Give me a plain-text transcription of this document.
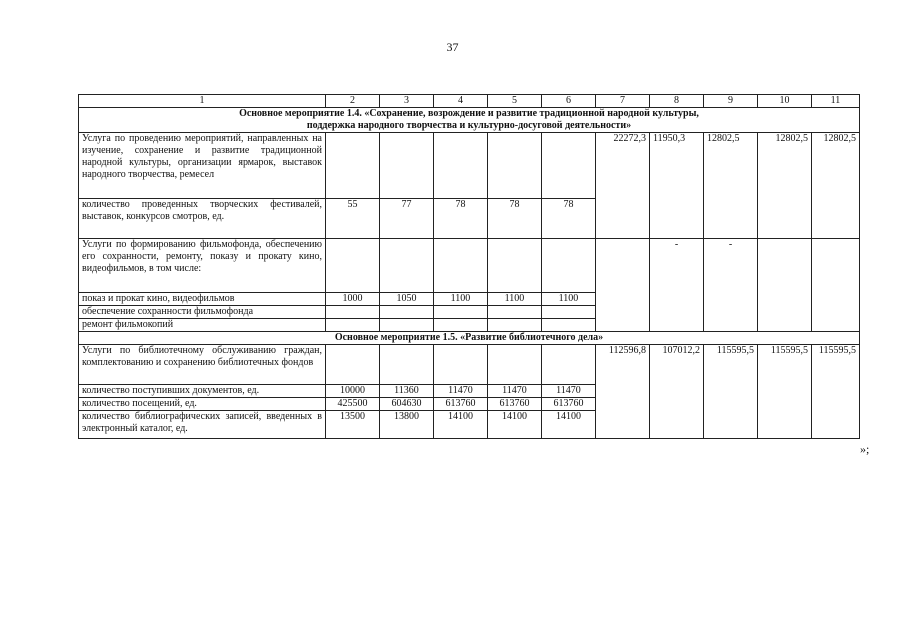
37
1	2	3	4	5	6	7	8	9	10	11

Основное мероприятие 1.4. «Сохранение, возрождение и развитие традиционной народной культуры,
поддержка народного творчества и культурно-досуговой деятельности»										

Услуга по проведению мероприятий, направленных на изучение, сохранение и развитие традиционной народной культуры, организации ярмарок, выставок народного творчества, ремесел						22272,3	11950,3	12802,5	12802,5	12802,5
количество проведенных творческих фестивалей, выставок, конкурсов смотров, ед.	55	77	78	78	78					
Услуги по формированию фильмофонда, обеспечению его сохранности, ремонту, показу и прокату кино, видеофильмов, в том числе:							-	-		
показ и прокат кино, видеофильмов	1000	1050	1100	1100	1100					
обеспечение сохранности фильмофонда										
ремонт фильмокопий										
Основное мероприятие 1.5. «Развитие библиотечного дела»										
Услуги по библиотечному обслуживанию граждан, комплектованию и сохранению библиотечных фондов						112596,8	107012,2	115595,5	115595,5	115595,5
количество поступивших документов, ед.	10000	11360	11470	11470	11470					
количество посещений, ед.	425500	604630	613760	613760	613760					
количество библиографических записей, введенных в электронный каталог, ед.	13500	13800	14100	14100	14100					
»;
